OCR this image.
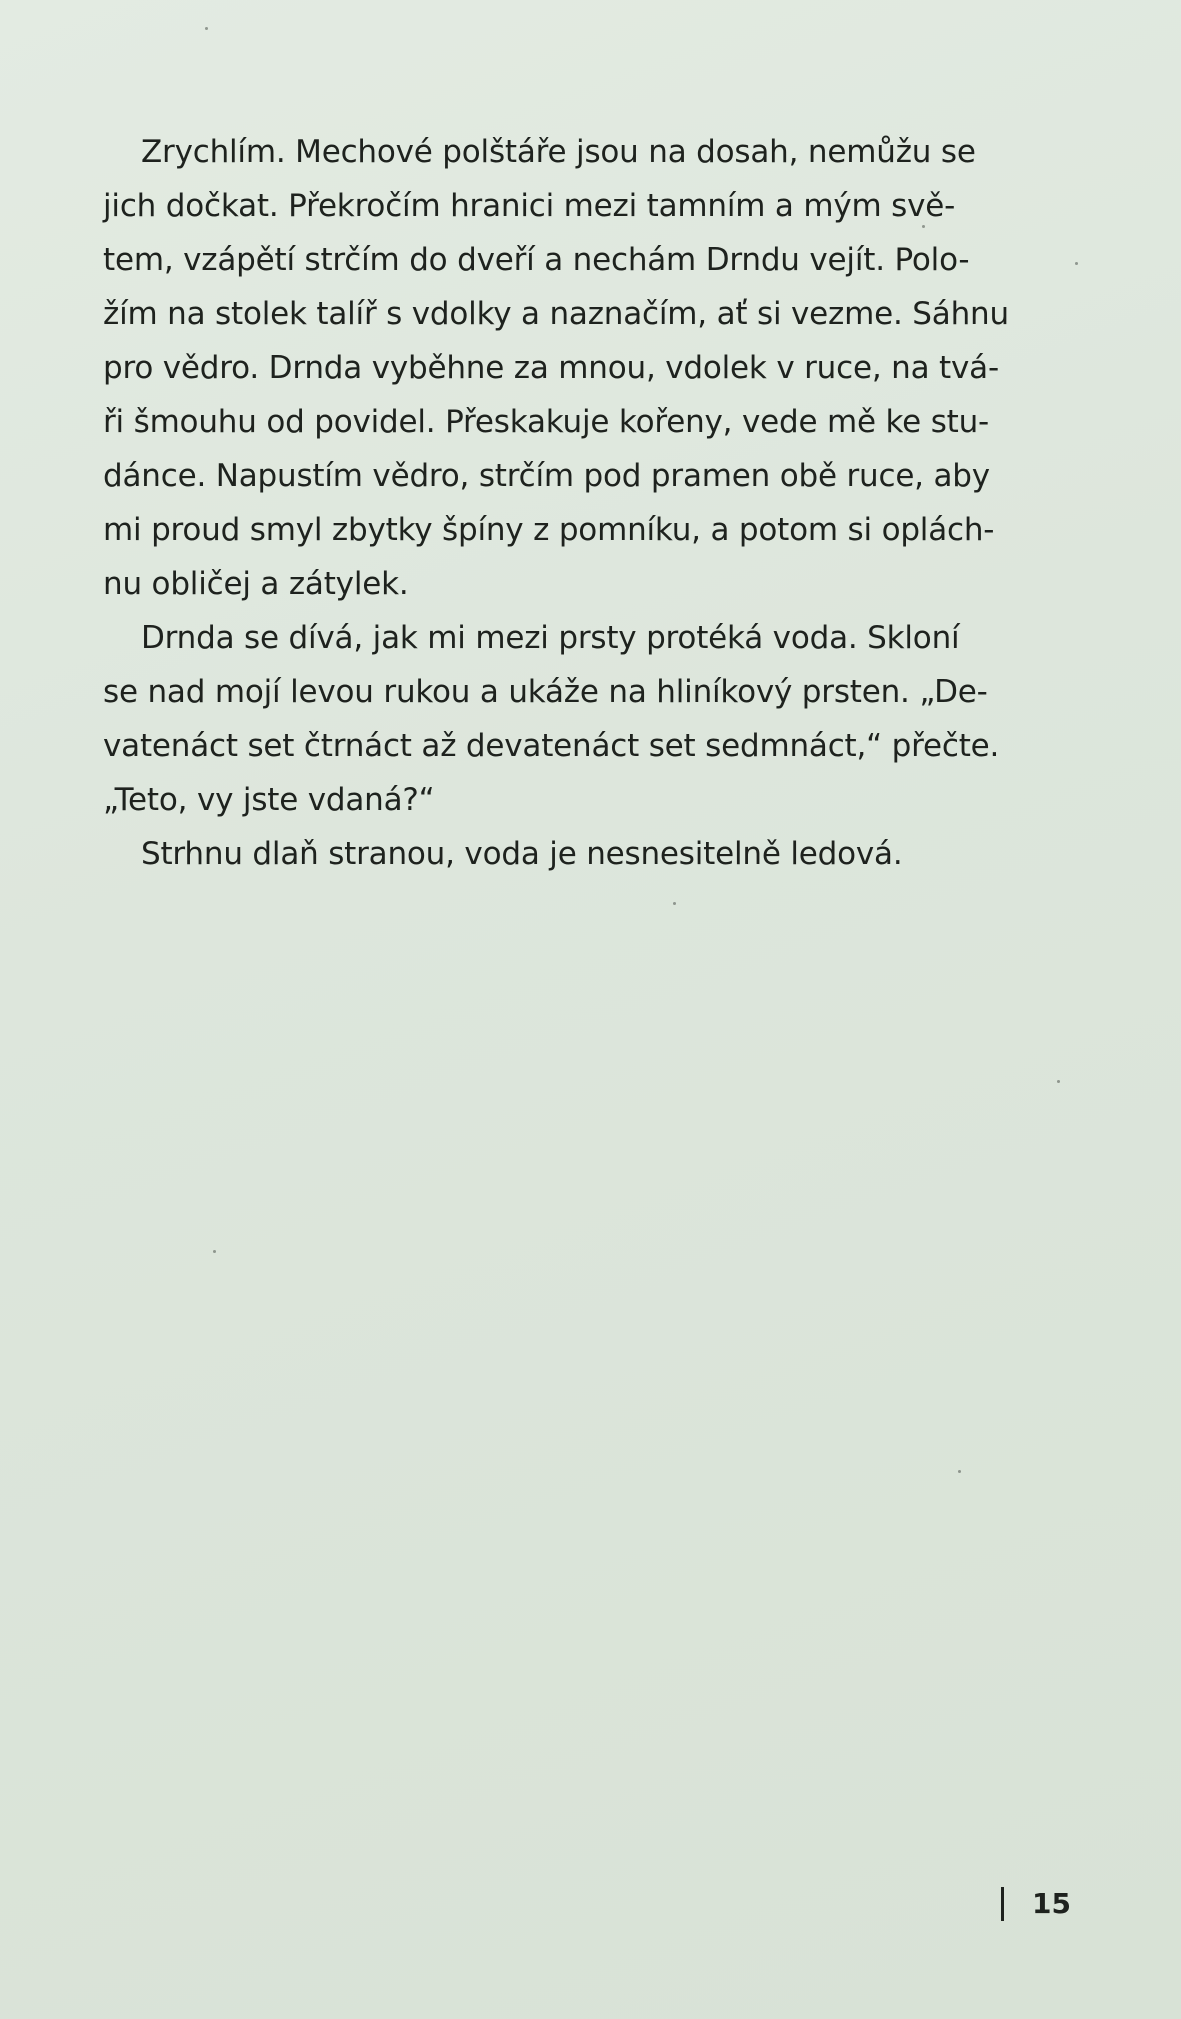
Zrychlím. Mechové polštáře jsou na dosah, nemůžu se
jich dočkat. Překročím hranici mezi tamním a mým svě-
tem, vzápětí strčím do dveří a nechám Drndu vejít. Polo-
žím na stolek talíř s vdolky a naznačím, ať si vezme. Sáhnu
pro vědro. Drnda vyběhne za mnou, vdolek v ruce, na tvá-
ři šmouhu od povidel. Přeskakuje kořeny, vede mě ke stu-
dánce. Napustím vědro, strčím pod pramen obě ruce, aby
mi proud smyl zbytky špíny z pomníku, a potom si oplách-
nu obličej a zátylek.
Drnda se dívá, jak mi mezi prsty protéká voda. Skloní
se nad mojí levou rukou a ukáže na hliníkový prsten. „De-
vatenáct set čtrnáct až devatenáct set sedmnáct,“ přečte.
„Teto, vy jste vdaná?“
Strhnu dlaň stranou, voda je nesnesitelně ledová.
15
